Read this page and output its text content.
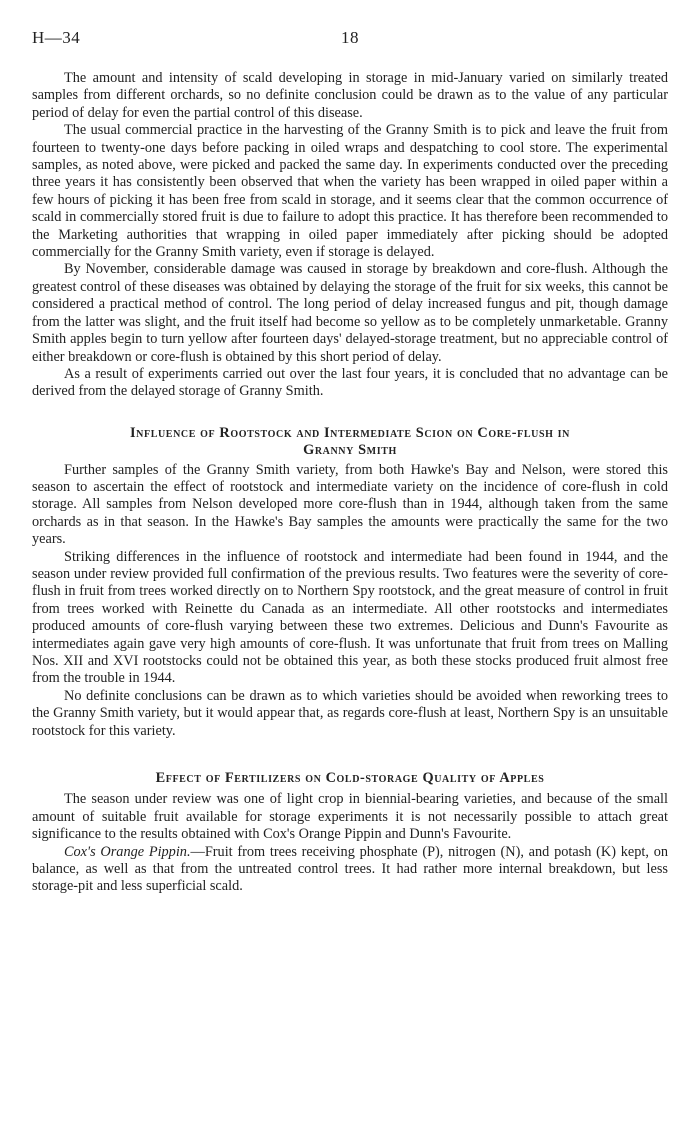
H—34	18

The amount and intensity of scald developing in storage in mid-January varied on similarly treated samples from different orchards, so no definite conclusion could be drawn as to the value of any particular period of delay for even the partial control of this disease.

The usual commercial practice in the harvesting of the Granny Smith is to pick and leave the fruit from fourteen to twenty-one days before packing in oiled wraps and despatching to cool store. The experimental samples, as noted above, were picked and packed the same day. In experiments conducted over the preceding three years it has consistently been observed that when the variety has been wrapped in oiled paper within a few hours of picking it has been free from scald in storage, and it seems clear that the common occurrence of scald in commercially stored fruit is due to failure to adopt this practice. It has therefore been recommended to the Marketing authorities that wrapping in oiled paper immediately after picking should be adopted commercially for the Granny Smith variety, even if storage is delayed.

By November, considerable damage was caused in storage by breakdown and core-flush. Although the greatest control of these diseases was obtained by delaying the storage of the fruit for six weeks, this cannot be considered a practical method of control. The long period of delay increased fungus and pit, though damage from the latter was slight, and the fruit itself had become so yellow as to be completely unmarketable. Granny Smith apples begin to turn yellow after fourteen days' delayed-storage treatment, but no appreciable control of either breakdown or core-flush is obtained by this short period of delay.

As a result of experiments carried out over the last four years, it is concluded that no advantage can be derived from the delayed storage of Granny Smith.

Influence of Rootstock and Intermediate Scion on Core-flush in
Granny Smith

Further samples of the Granny Smith variety, from both Hawke's Bay and Nelson, were stored this season to ascertain the effect of rootstock and intermediate variety on the incidence of core-flush in cold storage. All samples from Nelson developed more core-flush than in 1944, although taken from the same orchards as in that season. In the Hawke's Bay samples the amounts were practically the same for the two years.

Striking differences in the influence of rootstock and intermediate had been found in 1944, and the season under review provided full confirmation of the previous results. Two features were the severity of core-flush in fruit from trees worked directly on to Northern Spy rootstock, and the great measure of control in fruit from trees worked with Reinette du Canada as an intermediate. All other rootstocks and intermediates produced amounts of core-flush varying between these two extremes. Delicious and Dunn's Favourite as intermediates again gave very high amounts of core-flush. It was unfortunate that fruit from trees on Malling Nos. XII and XVI rootstocks could not be obtained this year, as both these stocks produced fruit almost free from the trouble in 1944.

No definite conclusions can be drawn as to which varieties should be avoided when reworking trees to the Granny Smith variety, but it would appear that, as regards core-flush at least, Northern Spy is an unsuitable rootstock for this variety.

Effect of Fertilizers on Cold-storage Quality of Apples

The season under review was one of light crop in biennial-bearing varieties, and because of the small amount of suitable fruit available for storage experiments it is not necessarily possible to attach great significance to the results obtained with Cox's Orange Pippin and Dunn's Favourite.

Cox's Orange Pippin.—Fruit from trees receiving phosphate (P), nitrogen (N), and potash (K) kept, on balance, as well as that from the untreated control trees. It had rather more internal breakdown, but less storage-pit and less superficial scald.
